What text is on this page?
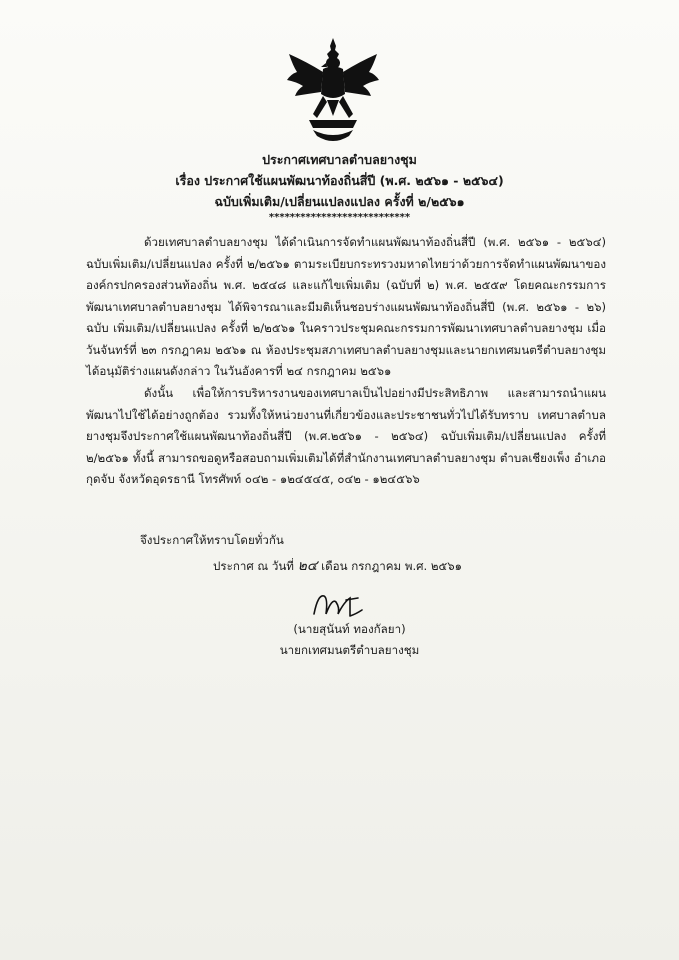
ประกาศเทศบาลตำบลยางชุม
เรื่อง ประกาศใช้แผนพัฒนาท้องถิ่นสี่ปี (พ.ศ. ๒๕๖๑ - ๒๕๖๔)
ฉบับเพิ่มเติม/เปลี่ยนแปลงแปลง ครั้งที่ ๒/๒๕๖๑
***************************
ด้วยเทศบาลตำบลยางชุม ได้ดำเนินการจัดทำแผนพัฒนาท้องถิ่นสี่ปี (พ.ศ. ๒๕๖๑ - ๒๕๖๔) ฉบับเพิ่มเติม/เปลี่ยนแปลง ครั้งที่ ๒/๒๕๖๑ ตามระเบียบกระทรวงมหาดไทยว่าด้วยการจัดทำแผนพัฒนาขององค์กรปกครองส่วนท้องถิ่น พ.ศ. ๒๕๔๘ และแก้ไขเพิ่มเติม (ฉบับที่ ๒) พ.ศ. ๒๕๕๙ โดยคณะกรรมการพัฒนาเทศบาลตำบลยางชุม ได้พิจารณาและมีมติเห็นชอบร่างแผนพัฒนาท้องถิ่นสี่ปี (พ.ศ. ๒๕๖๑ - ๒๖) ฉบับ เพิ่มเติม/เปลี่ยนแปลง ครั้งที่ ๒/๒๕๖๑ ในคราวประชุมคณะกรรมการพัฒนาเทศบาลตำบลยางชุม เมื่อวันจันทร์ที่ ๒๓ กรกฎาคม ๒๕๖๑ ณ ห้องประชุมสภาเทศบาลตำบลยางชุมและนายกเทศมนตรีตำบลยางชุมได้อนุมัติร่างแผนดังกล่าว ในวันอังคารที่ ๒๔ กรกฎาคม ๒๕๖๑
ดังนั้น เพื่อให้การบริหารงานของเทศบาลเป็นไปอย่างมีประสิทธิภาพ และสามารถนำแผนพัฒนาไปใช้ได้อย่างถูกต้อง รวมทั้งให้หน่วยงานที่เกี่ยวข้องและประชาชนทั่วไปได้รับทราบ เทศบาลตำบลยางชุมจึงประกาศใช้แผนพัฒนาท้องถิ่นสี่ปี (พ.ศ.๒๕๖๑ - ๒๕๖๔) ฉบับเพิ่มเติม/เปลี่ยนแปลง ครั้งที่ ๒/๒๕๖๑ ทั้งนี้ สามารถขอดูหรือสอบถามเพิ่มเติมได้ที่สำนักงานเทศบาลตำบลยางชุม ตำบลเชียงเพ็ง อำเภอกุดจับ จังหวัดอุดรธานี โทรศัพท์ ๐๔๒ - ๑๒๔๕๔๕, ๐๔๒ - ๑๒๔๕๖๖
จึงประกาศให้ทราบโดยทั่วกัน
ประกาศ ณ วันที่ ๒๔ เดือน กรกฎาคม พ.ศ. ๒๕๖๑
(นายสุนันท์ ทองกัลยา)
นายกเทศมนตรีตำบลยางชุม
